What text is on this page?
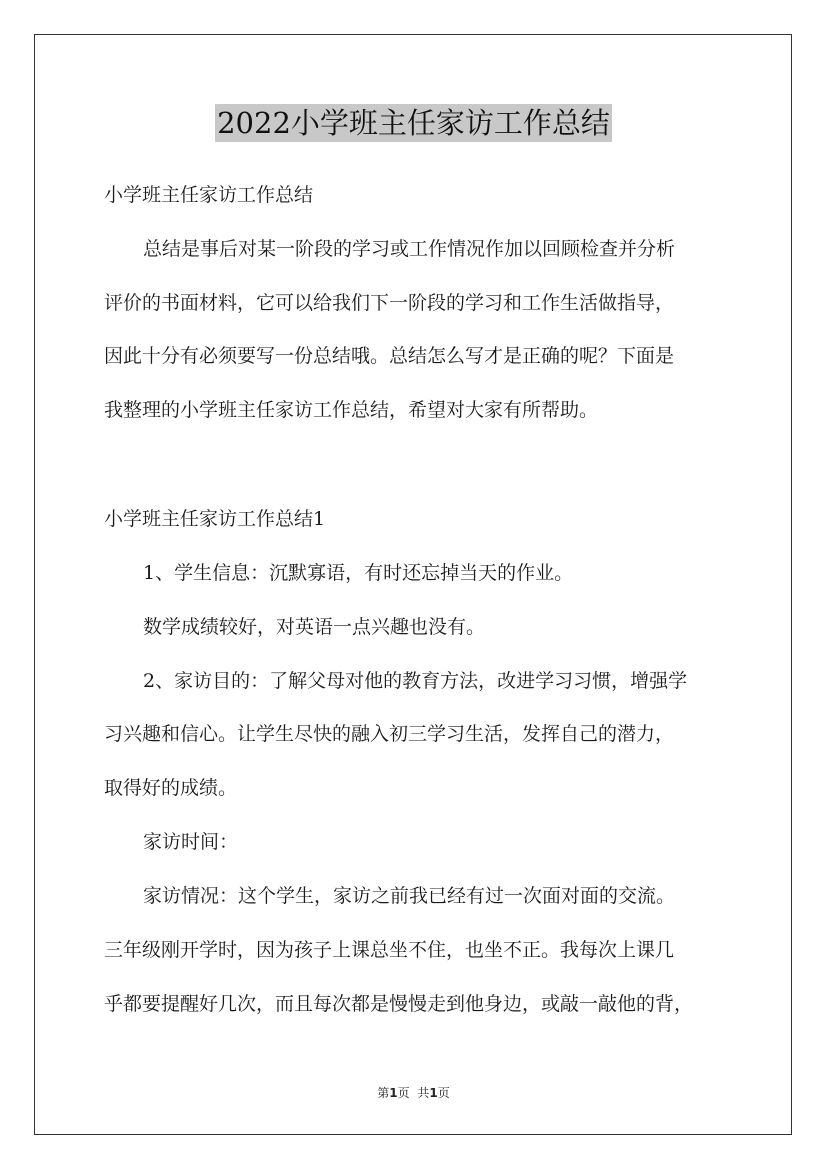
2022小学班主任家访工作总结
小学班主任家访工作总结
总结是事后对某一阶段的学习或工作情况作加以回顾检查并分析
评价的书面材料，它可以给我们下一阶段的学习和工作生活做指导，
因此十分有必须要写一份总结哦。总结怎么写才是正确的呢？下面是
我整理的小学班主任家访工作总结，希望对大家有所帮助。
小学班主任家访工作总结1
1、学生信息：沉默寡语，有时还忘掉当天的作业。
数学成绩较好，对英语一点兴趣也没有。
2、家访目的：了解父母对他的教育方法，改进学习习惯，增强学
习兴趣和信心。让学生尽快的融入初三学习生活，发挥自己的潜力，
取得好的成绩。
家访时间：
家访情况：这个学生，家访之前我已经有过一次面对面的交流。
三年级刚开学时，因为孩子上课总坐不住，也坐不正。我每次上课几
乎都要提醒好几次，而且每次都是慢慢走到他身边，或敲一敲他的背，
第1页 共1页
